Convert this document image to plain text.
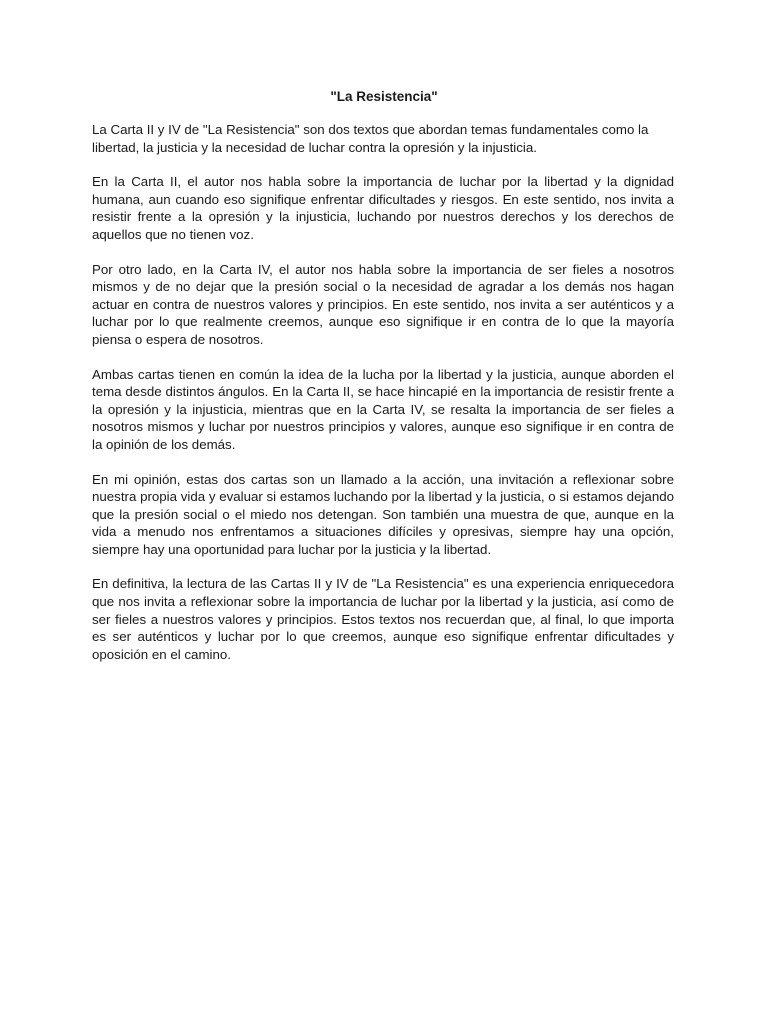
"La Resistencia"

La Carta II y IV de "La Resistencia" son dos textos que abordan temas fundamentales como la libertad, la justicia y la necesidad de luchar contra la opresión y la injusticia.

En la Carta II, el autor nos habla sobre la importancia de luchar por la libertad y la dignidad humana, aun cuando eso signifique enfrentar dificultades y riesgos. En este sentido, nos invita a resistir frente a la opresión y la injusticia, luchando por nuestros derechos y los derechos de aquellos que no tienen voz.

Por otro lado, en la Carta IV, el autor nos habla sobre la importancia de ser fieles a nosotros mismos y de no dejar que la presión social o la necesidad de agradar a los demás nos hagan actuar en contra de nuestros valores y principios. En este sentido, nos invita a ser auténticos y a luchar por lo que realmente creemos, aunque eso signifique ir en contra de lo que la mayoría piensa o espera de nosotros.

Ambas cartas tienen en común la idea de la lucha por la libertad y la justicia, aunque aborden el tema desde distintos ángulos. En la Carta II, se hace hincapié en la importancia de resistir frente a la opresión y la injusticia, mientras que en la Carta IV, se resalta la importancia de ser fieles a nosotros mismos y luchar por nuestros principios y valores, aunque eso signifique ir en contra de la opinión de los demás.

En mi opinión, estas dos cartas son un llamado a la acción, una invitación a reflexionar sobre nuestra propia vida y evaluar si estamos luchando por la libertad y la justicia, o si estamos dejando que la presión social o el miedo nos detengan. Son también una muestra de que, aunque en la vida a menudo nos enfrentamos a situaciones difíciles y opresivas, siempre hay una opción, siempre hay una oportunidad para luchar por la justicia y la libertad.

En definitiva, la lectura de las Cartas II y IV de "La Resistencia" es una experiencia enriquecedora que nos invita a reflexionar sobre la importancia de luchar por la libertad y la justicia, así como de ser fieles a nuestros valores y principios. Estos textos nos recuerdan que, al final, lo que importa es ser auténticos y luchar por lo que creemos, aunque eso signifique enfrentar dificultades y oposición en el camino.
